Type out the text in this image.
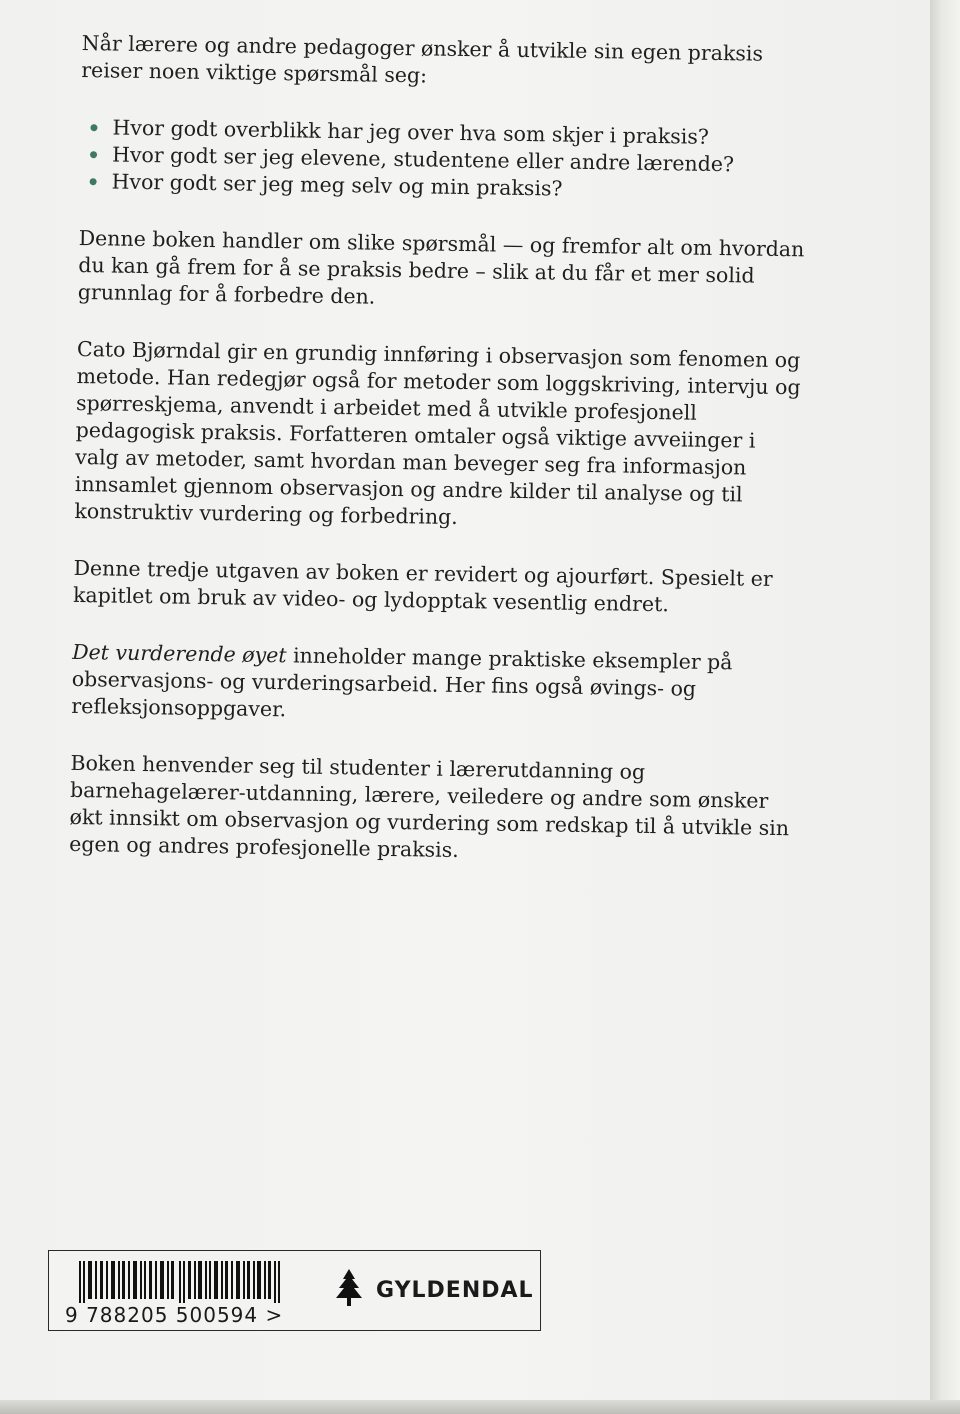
Når lærere og andre pedagoger ønsker å utvikle sin egen praksis reiser noen viktige spørsmål seg:

Hvor godt overblikk har jeg over hva som skjer i praksis?
Hvor godt ser jeg elevene, studentene eller andre lærende?
Hvor godt ser jeg meg selv og min praksis?

Denne boken handler om slike spørsmål — og fremfor alt om hvordan du kan gå frem for å se praksis bedre – slik at du får et mer solid grunnlag for å forbedre den.

Cato Bjørndal gir en grundig innføring i observasjon som fenomen og metode. Han redegjør også for metoder som loggskriving, intervju og spørreskjema, anvendt i arbeidet med å utvikle profesjonell pedagogisk praksis. Forfatteren omtaler også viktige avveiinger i valg av metoder, samt hvordan man beveger seg fra informasjon innsamlet gjennom observasjon og andre kilder til analyse og til konstruktiv vurdering og forbedring.

Denne tredje utgaven av boken er revidert og ajourført. Spesielt er kapitlet om bruk av video- og lydopptak vesentlig endret.

Det vurderende øyet inneholder mange praktiske eksempler på observasjons- og vurderingsarbeid. Her fins også øvings- og refleksjonsoppgaver.

Boken henvender seg til studenter i lærerutdanning og barnehagelærer-utdanning, lærere, veiledere og andre som ønsker økt innsikt om observasjon og vurdering som redskap til å utvikle sin egen og andres profesjonelle praksis.

9 788205 500594 >
GYLDENDAL
